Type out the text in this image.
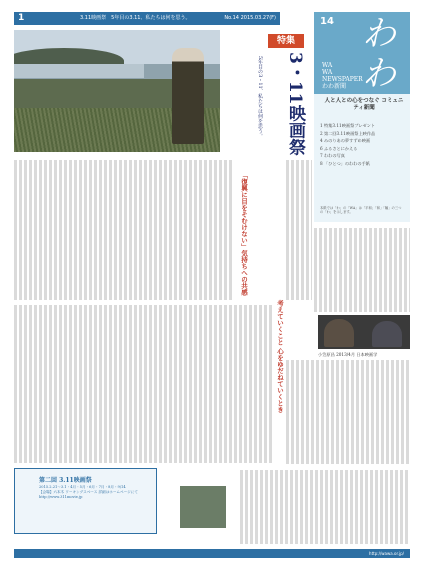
1	3.11映画祭　5年目の3.11、私たちは何を思う。	No.14 2015.03.27(F)
特集
3・11映画祭
5年目の3・11、私たちは何を思う。
14 わわ
WA
WA
NEWSPAPER
わわ新聞
人と人との心をつなぐ コミュニティ新聞
1 特集3.11映画祭プレゼント
2 第二回3.11映画祭上映作品
4 みのりあの夢すずめ映画
6 ふるさとにかえる
7 わわの写真
8 「ひとつ」のわわの手紙
本紙では「わ」の「WA」は「平和」「和」「輪」の三つの「わ」を示します。
「復興に目をそむけない」気持ちへの共感
考えていくこと 心をゆだねていくとき	小笠原昌 2013/4月 日本映画学
第二回 3.11映画祭
2015.2.21〜3.1・4月・5月・6月・7月・8月・9/14
【会場】六本木 ワーキングスペース 詳細はホームページにて http://www.311movie.jp
http://wawa.or.jp/
